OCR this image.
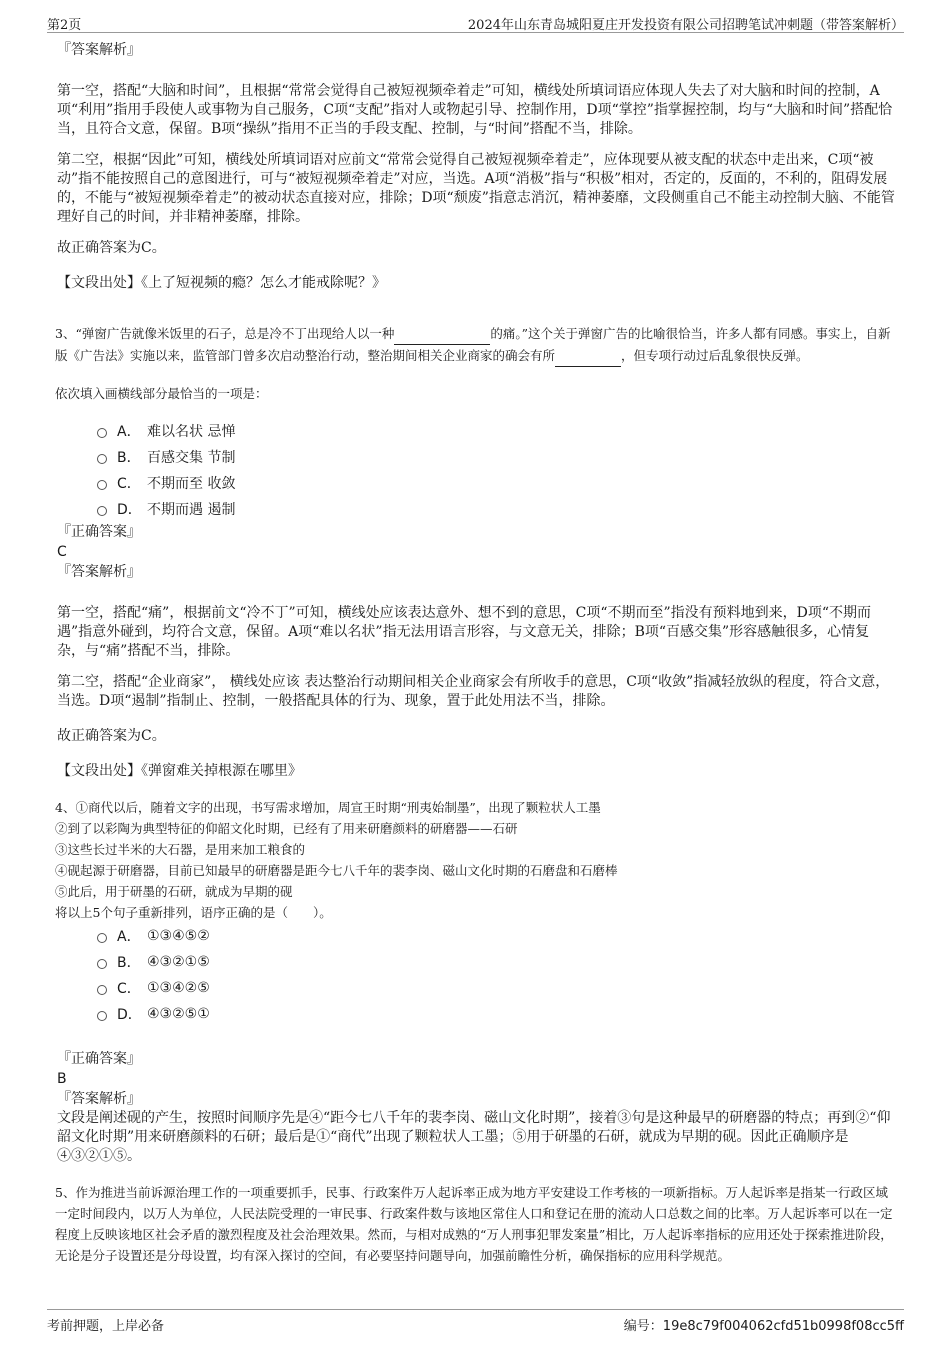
第2页	2024年山东青岛城阳夏庄开发投资有限公司招聘笔试冲刺题（带答案解析）

『答案解析』

第一空，搭配“大脑和时间”，且根据“常常会觉得自己被短视频牵着走”可知，横线处所填词语应体现人失去了对大脑和时间的控制，A项“利用”指用手段使人或事物为自己服务，C项“支配”指对人或物起引导、控制作用，D项“掌控”指掌握控制，均与“大脑和时间”搭配恰当，且符合文意，保留。B项“操纵”指用不正当的手段支配、控制，与“时间”搭配不当，排除。

第二空，根据“因此”可知，横线处所填词语对应前文“常常会觉得自己被短视频牵着走”，应体现要从被支配的状态中走出来，C项“被动”指不能按照自己的意图进行，可与“被短视频牵着走”对应，当选。A项“消极”指与“积极”相对，否定的，反面的，不利的，阻碍发展的，不能与“被短视频牵着走”的被动状态直接对应，排除；D项“颓废”指意志消沉，精神萎靡，文段侧重自己不能主动控制大脑、不能管理好自己的时间，并非精神萎靡，排除。

故正确答案为C。

【文段出处】《上了短视频的瘾？怎么才能戒除呢？》

3、“弹窗广告就像米饭里的石子，总是冷不丁出现给人以一种	的痛。”这个关于弹窗广告的比喻很恰当，许多人都有同感。事实上，自新版《广告法》实施以来，监管部门曾多次启动整治行动，整治期间相关企业商家的确会有所	，但专项行动过后乱象很快反弹。

依次填入画横线部分最恰当的一项是：

A． 难以名状 忌惮
B． 百感交集 节制
C． 不期而至 收敛
D． 不期而遇 遏制

『正确答案』

C

『答案解析』

第一空，搭配“痛”，根据前文“冷不丁”可知，横线处应该表达意外、想不到的意思，C项“不期而至”指没有预料地到来，D项“不期而遇”指意外碰到，均符合文意，保留。A项“难以名状”指无法用语言形容，与文意无关，排除；B项“百感交集”形容感触很多，心情复杂，与“痛”搭配不当，排除。

第二空，搭配“企业商家”， 横线处应该 表达整治行动期间相关企业商家会有所收手的意思，C项“收敛”指减轻放纵的程度，符合文意，当选。D项“遏制”指制止、控制，一般搭配具体的行为、现象，置于此处用法不当，排除。

故正确答案为C。

【文段出处】《弹窗难关掉根源在哪里》

4、①商代以后，随着文字的出现，书写需求增加，周宣王时期“刑夷始制墨”，出现了颗粒状人工墨

②到了以彩陶为典型特征的仰韶文化时期，已经有了用来研磨颜料的研磨器——石研

③这些长过半米的大石器，是用来加工粮食的

④砚起源于研磨器，目前已知最早的研磨器是距今七八千年的裴李岗、磁山文化时期的石磨盘和石磨棒

⑤此后，用于研墨的石研，就成为早期的砚

将以上5个句子重新排列，语序正确的是（　　）。

A． ①③④⑤②
B． ④③②①⑤
C． ①③④②⑤
D． ④③②⑤①

『正确答案』

B

『答案解析』

文段是阐述砚的产生，按照时间顺序先是④“距今七八千年的裴李岗、磁山文化时期”，接着③句是这种最早的研磨器的特点；再到②“仰韶文化时期”用来研磨颜料的石研；最后是①“商代”出现了颗粒状人工墨；⑤用于研墨的石研，就成为早期的砚。因此正确顺序是④③②①⑤。

5、作为推进当前诉源治理工作的一项重要抓手，民事、行政案件万人起诉率正成为地方平安建设工作考核的一项新指标。万人起诉率是指某一行政区域一定时间段内，以万人为单位，人民法院受理的一审民事、行政案件数与该地区常住人口和登记在册的流动人口总数之间的比率。万人起诉率可以在一定程度上反映该地区社会矛盾的激烈程度及社会治理效果。然而，与相对成熟的“万人刑事犯罪发案量”相比，万人起诉率指标的应用还处于探索推进阶段，无论是分子设置还是分母设置，均有深入探讨的空间，有必要坚持问题导向，加强前瞻性分析，确保指标的应用科学规范。

考前押题，上岸必备	编号：19e8c79f004062cfd51b0998f08cc5ff
